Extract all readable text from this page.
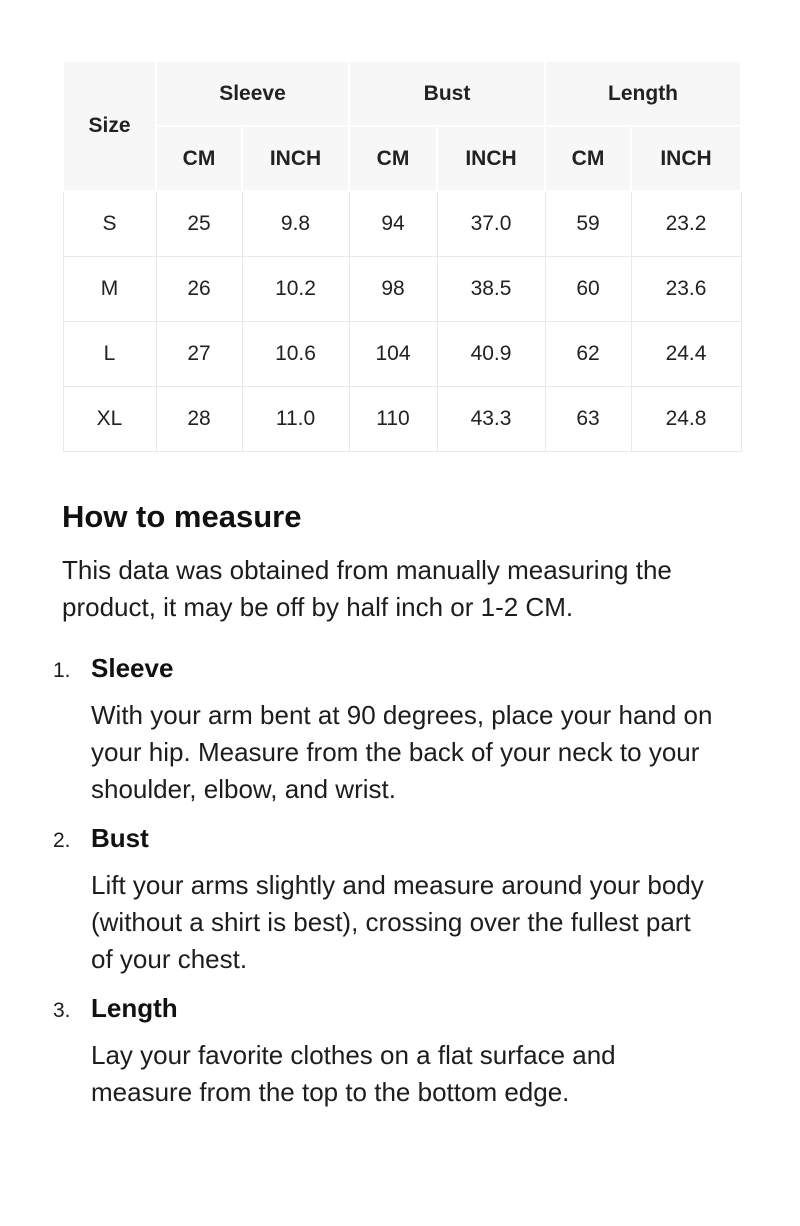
Size	Sleeve		Bust		Length	
	CM	INCH	CM	INCH	CM	INCH
S	25	9.8	94	37.0	59	23.2
M	26	10.2	98	38.5	60	23.6
L	27	10.6	104	40.9	62	24.4
XL	28	11.0	110	43.3	63	24.8
How to measure

This data was obtained from manually measuring the product, it may be off by half inch or 1-2 CM.

1. Sleeve

With your arm bent at 90 degrees, place your hand on your hip. Measure from the back of your neck to your shoulder, elbow, and wrist.

2. Bust

Lift your arms slightly and measure around your body (without a shirt is best), crossing over the fullest part of your chest.

3. Length

Lay your favorite clothes on a flat surface and measure from the top to the bottom edge.
